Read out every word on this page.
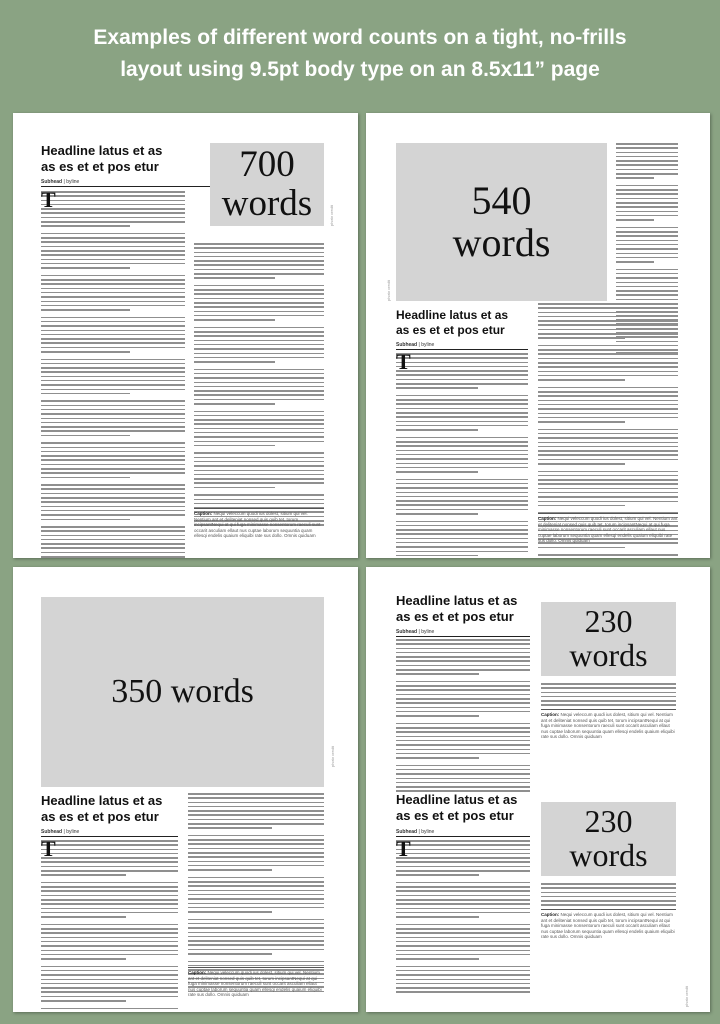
Examples of different word counts on a tight, no-frills
layout using 9.5pt body type on an 8.5x11” page
Headline latus et as
as es et et pos etur
Subhead | byline	700
words	photo credit
T
Caption: Nequi veleccum quodi ius dolest, sitium qui vel. Nentium ant et deliteniat nonsed quis quib tet, torum incipsantNequi at qui fuga minimasse nonsentorum raeculi sunt occarit asculiam ellaut nus cuptae laborum sequuntia quam ellesqi endelis quaium eliquibi rate sus dollo. Omnis quiduam
540
words
photo credit
Headline latus et as
as es et et pos etur
Subhead | byline
T
Caption: Nequi veleccum quodi ius dolest, sitium qui vel. Nentium ant et deliteniat nonsed quis quib tet, torum incipsantNequi at qui fuga minimasse nonsentorum raeculi sunt occarit asculiam ellaut nus cuptae laborum sequuntia quam ellesqi endelis quaium eliquibi rate sus dollo. Omnis quiduam
350 words
photo credit
Headline latus et as
as es et et pos etur
Subhead | byline
T
Caption: Nequi veleccum quodi ius dolest, sitium qui vel. Nentium ant et deliteniat nonsed quis quib tet, torum incipsantNequi at qui fuga minimasse nonsentorum raeculi sunt occarit asculiam ellaut nus cuptae laborum sequuntia quam ellesqi endelis quaium eliquibi rate sus dollo. Omnis quiduam
Headline latus et as
as es et et pos etur
Subhead | byline	230
words
Caption: Nequi veleccum quodi ius dolest, sitium qui vel. Nentium ant et deliteniat nonsed quis quib tet, torum incipsantNequi at qui fuga minimasse nonsentorum raeculi sunt occarit asculiam ellaut nus cuptae laborum sequuntia quam ellesqi endelis quaium eliquibi rate sus dollo. Omnis quiduam
Headline latus et as
as es et et pos etur
Subhead | byline
T
230
words
Caption: Nequi veleccum quodi ius dolest, sitium qui vel. Nentium ant et deliteniat nonsed quis quib tet, torum incipsantNequi at qui fuga minimasse nonsentorum raeculi sunt occarit asculiam ellaut nus cuptae laborum sequuntia quam ellesqi endelis quaium eliquibi rate sus dollo. Omnis quiduam
photo credit
